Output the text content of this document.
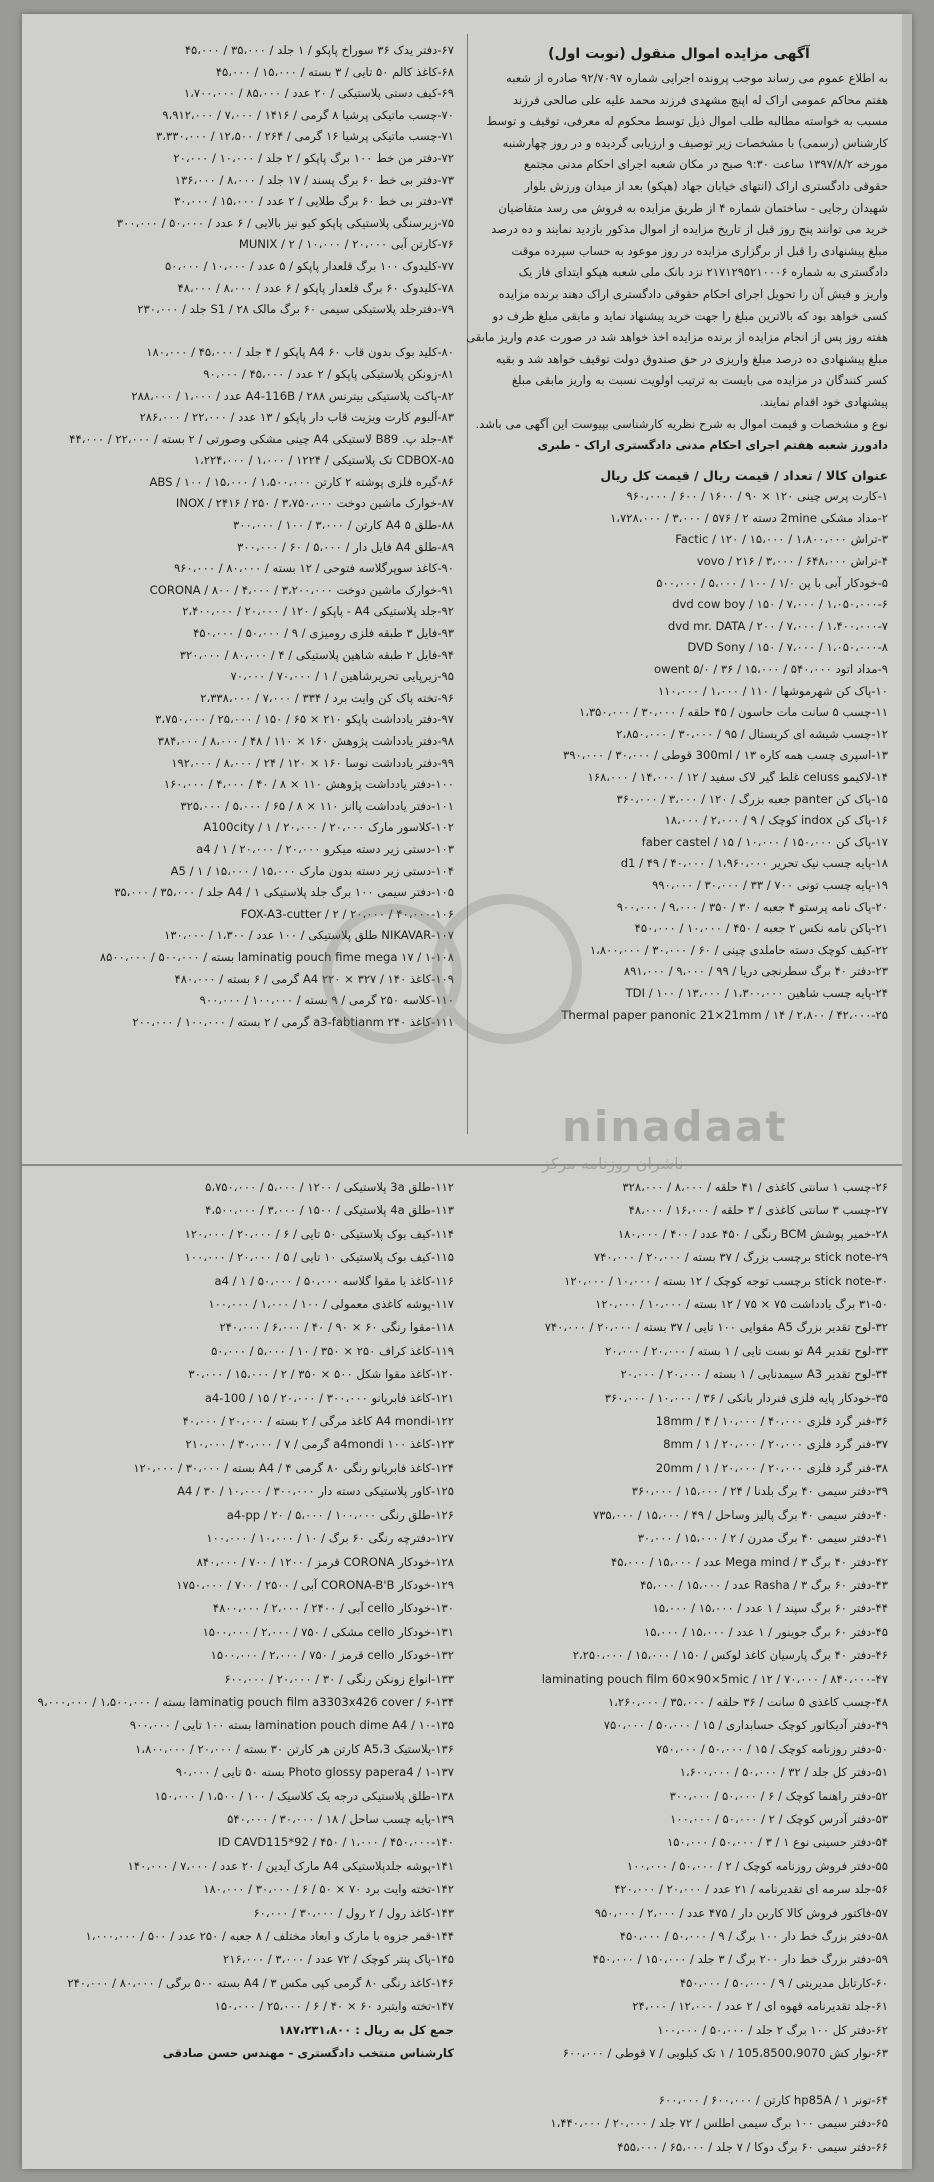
آگهی مزایده اموال منقول (نوبت اول)
به اطلاع عموم می رساند موجب پرونده اجرایی شماره ۹۲/۷۰۹۷ صادره از شعبه
هفتم محاکم عمومی اراک له اپنچ مشهدی فرزند محمد علیه علی صالحی فرزند
مسبب به خواسته مطالبه طلب اموال ذیل توسط محکوم له معرفی، توقیف و توسط
کارشناس (رسمی) با مشخصات زیر توصیف و ارزیابی گردیده و در روز چهارشنبه
مورخه ۱۳۹۷/۸/۲ ساعت ۹:۳۰ صبح در مکان شعبه اجرای احکام مدنی مجتمع
حقوقی دادگستری اراک (انتهای خیابان جهاد (هپکو) بعد از میدان ورزش بلوار
شهیدان رجایی - ساختمان شماره ۴ از طریق مزایده به فروش می رسد متقاضیان
خرید می توانند پنج روز قبل از تاریخ مزایده از اموال مذکور بازدید نمایند و ده درصد
مبلغ پیشنهادی را قبل از برگزاری مزایده در روز موعود به حساب سپرده موقت
دادگستری به شماره ۲۱۷۱۲۹۵۲۱۰۰۰۶ نزد بانک ملی شعبه هپکو ایتدای فاز یک
واریز و فیش آن را تحویل اجرای احکام حقوقی دادگستری اراک دهند برنده مزایده
کسی خواهد بود که بالاترین مبلغ را جهت خرید پیشنهاد نماید و مابقی مبلغ ظرف دو
هفته روز پس از انجام مزایده از برنده مزایده اخذ خواهد شد در صورت عدم واریز مابقی
مبلغ پیشنهادی ده درصد مبلغ واریزی در حق صندوق دولت توقیف خواهد شد و بقیه
کسر کنندگان در مزایده می بایست به ترتیب اولویت نسبت به واریز مابقی مبلغ
پیشنهادی خود اقدام نمایند.
نوع و مشخصات و قیمت اموال به شرح نظریه کارشناسی بپیوست این آگهی می باشد.
دادورز شعبه هفتم اجرای احکام مدنی دادگستری اراک - طبری
عنوان کالا / تعداد / قیمت ریال / قیمت کل ریال
۱-کارت پرس چینی ۱۲۰ × ۹۰ / ۱۶۰۰ / ۶۰۰ / ۹۶۰،۰۰۰
۲-مداد مشکی 2mine دسته ۲ / ۵۷۶ / ۳،۰۰۰ / ۱،۷۲۸،۰۰۰
۳-تراش Factic / ۱۲۰ / ۱۵،۰۰۰ / ۱،۸۰۰،۰۰۰
۴-تراش vovo / ۲۱۶ / ۳،۰۰۰ / ۶۴۸،۰۰۰
۵-خودکار آبی با پن ۱/۰ / ۱۰۰ / ۵،۰۰۰ / ۵۰۰،۰۰۰
۶-dvd cow boy / ۱۵۰ / ۷،۰۰۰ / ۱،۰۵۰،۰۰۰
۷-dvd mr. DATA / ۲۰۰ / ۷،۰۰۰ / ۱،۴۰۰،۰۰۰
۸-DVD Sony / ۱۵۰ / ۷،۰۰۰ / ۱،۰۵۰،۰۰۰
۹-مداد اتود owent ۵/۰ / ۳۶ / ۱۵،۰۰۰ / ۵۴۰،۰۰۰
۱۰-پاک کن شهرموشها / ۱۱۰ / ۱،۰۰۰ / ۱۱۰،۰۰۰
۱۱-چسب ۵ سانت مات حاسون / ۴۵ حلقه / ۳۰،۰۰۰ / ۱،۳۵۰،۰۰۰
۱۲-چسب شیشه ای کریستال / ۹۵ / ۳۰،۰۰۰ / ۲،۸۵۰،۰۰۰
۱۳-اسپری چسب همه کاره 300ml / ۱۳ قوطی / ۳۰،۰۰۰ / ۳۹۰،۰۰۰
۱۴-لاکیمو celuss غلط گیر لاک سفید / ۱۲ / ۱۴،۰۰۰ / ۱۶۸،۰۰۰
۱۵-پاک کن panter جعبه بزرگ / ۱۲۰ / ۳،۰۰۰ / ۳۶۰،۰۰۰
۱۶-پاک کن indox کوچک / ۹ / ۲،۰۰۰ / ۱۸،۰۰۰
۱۷-پاک کن faber castel / ۱۵ / ۱۰،۰۰۰ / ۱۵۰،۰۰۰
۱۸-پایه چسب نیک تحریر d1 / ۴۹ / ۴۰،۰۰۰ / ۱،۹۶۰،۰۰۰
۱۹-پایه چسب تونی ۷۰۰ / ۳۳ / ۳۰،۰۰۰ / ۹۹۰،۰۰۰
۲۰-پاک نامه پرستو ۴ جعبه / ۳۰ / ۳۵۰ / ۹،۰۰۰ / ۹۰۰،۰۰۰
۲۱-پاکن نامه نکس ۲ جعبه / ۴۵۰ / ۱۰،۰۰۰ / ۴۵۰،۰۰۰
۲۲-کیف کوچک دسته حاملدی چینی / ۶۰ / ۳۰،۰۰۰ / ۱،۸۰۰،۰۰۰
۲۳-دفتر ۴۰ برگ سطرنجی دریا / ۹۹ / ۹،۰۰۰ / ۸۹۱،۰۰۰
۲۴-پایه چسب شاهین TDI / ۱۰۰ / ۱۳،۰۰۰ / ۱،۳۰۰،۰۰۰
۲۵-Thermal paper panonic 21×21mm / ۱۴ / ۲،۸۰۰ / ۴۲،۰۰۰
۶۷-دفتر یدک ۳۶ سوراخ پاپکو / ۱ جلد / ۳۵،۰۰۰ / ۴۵،۰۰۰
۶۸-کاغذ کالم ۵۰ تایی / ۳ بسته / ۱۵،۰۰۰ / ۴۵،۰۰۰
۶۹-کیف دستی پلاستیکی / ۲۰ عدد / ۸۵،۰۰۰ / ۱،۷۰۰،۰۰۰
۷۰-چسب ماتیکی پرشیا ۸ گرمی / ۱۴۱۶ / ۷،۰۰۰ / ۹،۹۱۲،۰۰۰
۷۱-چسب ماتیکی پرشیا ۱۶ گرمی / ۲۶۴ / ۱۲،۵۰۰ / ۳،۳۳۰،۰۰۰
۷۲-دفتر من خط ۱۰۰ برگ پاپکو / ۲ جلد / ۱۰،۰۰۰ / ۲۰،۰۰۰
۷۳-دفتر بی خط ۶۰ برگ پسند / ۱۷ جلد / ۸،۰۰۰ / ۱۳۶،۰۰۰
۷۴-دفتر بی خط ۶۰ برگ طلایی / ۲ عدد / ۱۵،۰۰۰ / ۳۰،۰۰۰
۷۵-زیرسنگی پلاستیکی پاپکو کیو نیز بالایی / ۶ عدد / ۵۰،۰۰۰ / ۳۰۰،۰۰۰
۷۶-کارتن آبی MUNIX / ۲ / ۱۰،۰۰۰ / ۲۰،۰۰۰
۷۷-کلیدوک ۱۰۰ برگ قلعدار پاپکو / ۵ عدد / ۱۰،۰۰۰ / ۵۰،۰۰۰
۷۸-کلیدوک ۶۰ برگ قلعدار پاپکو / ۶ عدد / ۸،۰۰۰ / ۴۸،۰۰۰
۷۹-دفترجلد پلاستیکی سیمی ۶۰ برگ مالک S1 / ۲۸ جلد / ۲۳۰،۰۰۰

۸۰-کلید بوک بدون قاب A4 ۶۰ پاپکو / ۴ جلد / ۴۵،۰۰۰ / ۱۸۰،۰۰۰
۸۱-زونکن پلاستیکی پاپکو / ۲ عدد / ۴۵،۰۰۰ / ۹۰،۰۰۰
۸۲-پاکت پلاستیکی بیترنس A4-116B / ۲۸۸ عدد / ۱،۰۰۰ / ۲۸۸،۰۰۰
۸۳-آلبوم کارت ویزیت قاب دار پاپکو / ۱۳ عدد / ۲۲،۰۰۰ / ۲۸۶،۰۰۰
۸۴-جلد پ. B89 لاستیکی A4 چینی مشکی وصورتی / ۲ بسته / ۲۲،۰۰۰ / ۴۴،۰۰۰
۸۵-CDBOX تک پلاستیکی / ۱۲۲۴ / ۱،۰۰۰ / ۱،۲۲۴،۰۰۰
۸۶-گیره فلزی پوشته ۲ کارتن ABS / ۱۰۰ / ۱۵،۰۰۰ / ۱،۵۰۰،۰۰۰
۸۷-خوارک ماشین دوخت INOX / ۲۴۱۶ / ۲۵۰ / ۳،۷۵۰،۰۰۰
۸۸-طلق A4 ۵ کارتن / ۳،۰۰۰ / ۱۰۰ / ۳۰۰،۰۰۰
۸۹-طلق A4 فایل دار / ۵،۰۰۰ / ۶۰ / ۳۰۰،۰۰۰
۹۰-کاغذ سوپرگلاسه فتوحی / ۱۲ بسته / ۸۰،۰۰۰ / ۹۶۰،۰۰۰
۹۱-خوارک ماشین دوخت CORONA / ۸۰۰ / ۴،۰۰۰ / ۳،۲۰۰،۰۰۰
۹۲-جلد پلاستیکی A4 - پاپکو / ۱۲۰ / ۲۰،۰۰۰ / ۲،۴۰۰،۰۰۰
۹۳-فایل ۳ طبقه فلزی رومیزی / ۹ / ۵۰،۰۰۰ / ۴۵۰،۰۰۰
۹۴-فایل ۲ طبقه شاهین پلاستیکی / ۴ / ۸۰،۰۰۰ / ۳۲۰،۰۰۰
۹۵-زیرپایی تحریرشاهین / ۱ / ۷۰،۰۰۰ / ۷۰،۰۰۰
۹۶-تخته پاک کن وایت برد / ۳۳۴ / ۷،۰۰۰ / ۲،۳۳۸،۰۰۰
۹۷-دفتر یادداشت پاپکو ۲۱۰ × ۶۵ / ۱۵۰ / ۲۵،۰۰۰ / ۳،۷۵۰،۰۰۰
۹۸-دفتر یادداشت پژوهش ۱۶۰ × ۱۱۰ / ۴۸ / ۸،۰۰۰ / ۳۸۴،۰۰۰
۹۹-دفتر یادداشت نوسا ۱۶۰ × ۱۲۰ / ۲۴ / ۸،۰۰۰ / ۱۹۲،۰۰۰
۱۰۰-دفتر یادداشت پژوهش ۱۱۰ × ۸ / ۴۰ / ۴،۰۰۰ / ۱۶۰،۰۰۰
۱۰۱-دفتر یادداشت پاانز ۱۱۰ × ۸ / ۶۵ / ۵،۰۰۰ / ۳۲۵،۰۰۰
۱۰۲-کلاسور مارک A100city / ۱ / ۲۰،۰۰۰ / ۲۰،۰۰۰
۱۰۳-دستی زیر دسته میکرو a4 / ۱ / ۲۰،۰۰۰ / ۲۰،۰۰۰
۱۰۴-دستی زیر دسته بدون مارک A5 / ۱ / ۱۵،۰۰۰ / ۱۵،۰۰۰
۱۰۵-دفتر سیمی ۱۰۰ برگ جلد پلاستیکی A4 / ۱ جلد / ۳۵،۰۰۰ / ۳۵،۰۰۰
۱۰۶-FOX-A3-cutter / ۲ / ۲۰،۰۰۰ / ۴۰،۰۰۰
۱۰۷-NIKAVAR طلق پلاستیکی / ۱۰۰ عدد / ۱،۳۰۰ / ۱۳۰،۰۰۰
۱۰۸-laminatig pouch fime mega ۱۷ / ۱ بسته / ۵۰۰،۰۰۰ / ۸۵۰۰،۰۰۰
۱۰۹-کاغذ A4 ۲۲۰ × ۳۲۷ / ۱۴۰ گرمی / ۶ بسته / ۴۸۰،۰۰۰
۱۱۰-کلاسه ۲۵۰ گرمی / ۹ بسته / ۱۰۰،۰۰۰ / ۹۰۰،۰۰۰
۱۱۱-کاغذ a3-fabtianm ۲۴۰ گرمی / ۲ بسته / ۱۰۰،۰۰۰ / ۲۰۰،۰۰۰
۲۶-چسب ۱ سانتی کاغذی / ۴۱ حلقه / ۸،۰۰۰ / ۳۲۸،۰۰۰
۲۷-چسب ۳ سانتی کاغذی / ۳ حلقه / ۱۶،۰۰۰ / ۴۸،۰۰۰
۲۸-خمیر پوشش BCM رنگی / ۴۵۰ عدد / ۴۰۰ / ۱۸۰،۰۰۰
۲۹-stick note برچسب بزرگ / ۳۷ بسته / ۲۰،۰۰۰ / ۷۴۰،۰۰۰
۳۰-stick note برچسب توجه کوچک / ۱۲ بسته / ۱۰،۰۰۰ / ۱۲۰،۰۰۰
۳۱-۵۰ برگ یادداشت ۷۵ × ۷۵ / ۱۲ بسته / ۱۰،۰۰۰ / ۱۲۰،۰۰۰
۳۲-لوح تقدیر بزرگ A5 مقوایی ۱۰۰ تایی / ۳۷ بسته / ۲۰،۰۰۰ / ۷۴۰،۰۰۰
۳۳-لوح تقدیر A4 تو بست تایی / ۱ بسته / ۲۰،۰۰۰ / ۲۰،۰۰۰
۳۴-لوح تقدیر A3 سیمدنایی / ۱ بسته / ۲۰،۰۰۰ / ۲۰،۰۰۰
۳۵-خودکار پایه فلزی فنردار بانکی / ۳۶ / ۱۰،۰۰۰ / ۳۶۰،۰۰۰
۳۶-فنر گرد فلزی 18mm / ۴ / ۱۰،۰۰۰ / ۴۰،۰۰۰
۳۷-فنر گرد فلزی 8mm / ۱ / ۲۰،۰۰۰ / ۲۰،۰۰۰
۳۸-فنر گرد فلزی 20mm / ۱ / ۲۰،۰۰۰ / ۲۰،۰۰۰
۳۹-دفتر سیمی ۴۰ برگ بلدنا / ۲۴ / ۱۵،۰۰۰ / ۳۶۰،۰۰۰
۴۰-دفتر سیمی ۴۰ برگ پالیز وساحل / ۴۹ / ۱۵،۰۰۰ / ۷۳۵،۰۰۰
۴۱-دفتر سیمی ۴۰ برگ مدرن / ۲ / ۱۵،۰۰۰ / ۳۰،۰۰۰
۴۲-دفتر ۴۰ برگ Mega mind / ۳ عدد / ۱۵،۰۰۰ / ۴۵،۰۰۰
۴۳-دفتر ۶۰ برگ Rasha / ۳ عدد / ۱۵،۰۰۰ / ۴۵،۰۰۰
۴۴-دفتر ۶۰ برگ سپند / ۱ عدد / ۱۵،۰۰۰ / ۱۵،۰۰۰
۴۵-دفتر ۶۰ برگ جوینور / ۱ عدد / ۱۵،۰۰۰ / ۱۵،۰۰۰
۴۶-دفتر ۴۰ برگ پارسیان کاغذ لوکس / ۱۵۰ / ۱۵،۰۰۰ / ۲،۲۵۰،۰۰۰
۴۷-laminating pouch film 60×90×5mic / ۱۲ / ۷۰،۰۰۰ / ۸۴۰،۰۰۰
۴۸-چسب کاغذی ۵ سانت / ۳۶ حلقه / ۳۵،۰۰۰ / ۱،۲۶۰،۰۰۰
۴۹-دفتر آدیکاتور کوچک حسابداری / ۱۵ / ۵۰،۰۰۰ / ۷۵۰،۰۰۰
۵۰-دفتر روزنامه کوچک / ۱۵ / ۵۰،۰۰۰ / ۷۵۰،۰۰۰
۵۱-دفتر کل جلد / ۳۲ / ۵۰،۰۰۰ / ۱،۶۰۰،۰۰۰
۵۲-دفتر راهنما کوچک / ۶ / ۵۰،۰۰۰ / ۳۰۰،۰۰۰
۵۳-دفتر آدرس کوچک / ۲ / ۵۰،۰۰۰ / ۱۰۰،۰۰۰
۵۴-دفتر حسینی نوع ۱ / ۳ / ۵۰،۰۰۰ / ۱۵۰،۰۰۰
۵۵-دفتر فروش روزنامه کوچک / ۲ / ۵۰،۰۰۰ / ۱۰۰،۰۰۰
۵۶-جلد سرمه ای تقدیرنامه / ۲۱ عدد / ۲۰،۰۰۰ / ۴۲۰،۰۰۰
۵۷-فاکتور فروش کالا کاربن دار / ۴۷۵ عدد / ۲،۰۰۰ / ۹۵۰،۰۰۰
۵۸-دفتر بزرگ خط دار ۱۰۰ برگ / ۹ / ۵۰،۰۰۰ / ۴۵۰،۰۰۰
۵۹-دفتر بزرگ خط دار ۲۰۰ برگ / ۳ جلد / ۱۵۰،۰۰۰ / ۴۵۰،۰۰۰
۶۰-کارتابل مدیریتی / ۹ / ۵۰،۰۰۰ / ۴۵۰،۰۰۰
۶۱-جلد تقدیرنامه قهوه ای / ۲ عدد / ۱۲،۰۰۰ / ۲۴،۰۰۰
۶۲-دفتر کل ۱۰۰ برگ ۲ جلد / ۵۰،۰۰۰ / ۱۰۰،۰۰۰
۶۳-نوار کش 105،8500،9070 / ۱ تک کیلویی / ۷ قوطی / ۶۰۰،۰۰۰

۶۴-تونر hp85A / ۱ کارتن / ۶۰۰،۰۰۰ / ۶۰۰،۰۰۰
۶۵-دفتر سیمی ۱۰۰ برگ سیمی اطلس / ۷۲ جلد / ۲۰،۰۰۰ / ۱،۴۴۰،۰۰۰
۶۶-دفتر سیمی ۶۰ برگ دوکا / ۷ جلد / ۶۵،۰۰۰ / ۴۵۵،۰۰۰
۱۱۲-طلق 3a پلاستیکی / ۱۲۰۰ / ۵،۰۰۰ / ۵،۷۵۰،۰۰۰
۱۱۳-طلق 4a پلاستیکی / ۱۵۰۰ / ۳،۰۰۰ / ۴،۵۰۰،۰۰۰
۱۱۴-کیف بوک پلاستیکی ۵۰ تایی / ۶ / ۲۰،۰۰۰ / ۱۲۰،۰۰۰
۱۱۵-کیف بوک پلاستیکی ۱۰ تایی / ۵ / ۲۰،۰۰۰ / ۱۰۰،۰۰۰
۱۱۶-کاغذ یا مقوا گلاسه a4 / ۱ / ۵۰،۰۰۰ / ۵۰،۰۰۰
۱۱۷-پوشه کاغذی معمولی / ۱۰۰ / ۱،۰۰۰ / ۱۰۰،۰۰۰
۱۱۸-مقوا رنگی ۶۰ × ۹۰ / ۴۰ / ۶،۰۰۰ / ۲۴۰،۰۰۰
۱۱۹-کاغذ کراف ۲۵۰ × ۳۵۰ / ۱۰ / ۵،۰۰۰ / ۵۰،۰۰۰
۱۲۰-کاغذ مقوا شکل ۵۰۰ × ۳۵۰ / ۲ / ۱۵،۰۰۰ / ۳۰،۰۰۰
۱۲۱-کاغذ فابریانو a4-100 / ۱۵ / ۲۰،۰۰۰ / ۳۰۰،۰۰۰
۱۲۲-A4 mondi کاغذ مرگی / ۲ بسته / ۲۰،۰۰۰ / ۴۰،۰۰۰
۱۲۳-کاغذ a4mondi ۱۰۰ گرمی / ۷ / ۳۰،۰۰۰ / ۲۱۰،۰۰۰
۱۲۴-کاغذ فابریانو رنگی ۸۰ گرمی A4 / ۴ بسته / ۳۰،۰۰۰ / ۱۲۰،۰۰۰
۱۲۵-کاور پلاستیکی دسته دار A4 / ۳۰ / ۱۰،۰۰۰ / ۳۰۰،۰۰۰
۱۲۶-طلق رنگی a4-pp / ۲۰ / ۵،۰۰۰ / ۱۰۰،۰۰۰
۱۲۷-دفترچه رنگی ۶۰ برگ / ۱۰ / ۱۰،۰۰۰ / ۱۰۰،۰۰۰
۱۲۸-خودکار CORONA قرمز / ۱۲۰۰ / ۷۰۰ / ۸۴۰،۰۰۰
۱۲۹-خودکار CORONA-B'B آبی / ۲۵۰۰ / ۷۰۰ / ۱۷۵۰،۰۰۰
۱۳۰-خودکار cello آبی / ۲۴۰۰ / ۲،۰۰۰ / ۴۸۰۰،۰۰۰
۱۳۱-خودکار cello مشکی / ۷۵۰ / ۲،۰۰۰ / ۱۵۰۰،۰۰۰
۱۳۲-خودکار cello قرمز / ۷۵۰ / ۲،۰۰۰ / ۱۵۰۰،۰۰۰
۱۳۳-انواع زونکن رنگی / ۳۰ / ۲۰،۰۰۰ / ۶۰۰،۰۰۰
۱۳۴-laminatig pouch film a3303x426 cover / ۶ بسته / ۱،۵۰۰،۰۰۰ / ۹،۰۰۰،۰۰۰
۱۳۵-lamination pouch dime A4 / ۱۰ بسته ۱۰۰ تایی / ۹۰۰،۰۰۰
۱۳۶-پلاستیک A5،3 کارتن هر کارتن ۳۰ بسته / ۲۰،۰۰۰ / ۱،۸۰۰،۰۰۰
۱۳۷-Photo glossy papera4 / ۱ بسته ۵۰ تایی / ۹۰،۰۰۰
۱۳۸-طلق پلاستیکی درجه یک کلاسیک / ۱۰۰ / ۱،۵۰۰ / ۱۵۰،۰۰۰
۱۳۹-پایه چسب ساحل / ۱۸ / ۳۰،۰۰۰ / ۵۴۰،۰۰۰
۱۴۰-ID CAVD115*92 / ۴۵۰ / ۱،۰۰۰ / ۴۵۰،۰۰۰
۱۴۱-پوشه جلدپلاستیکی A4 مارک آیدین / ۲۰ عدد / ۷،۰۰۰ / ۱۴۰،۰۰۰
۱۴۲-تخته وایت برد ۷۰ × ۵۰ / ۶ / ۳۰،۰۰۰ / ۱۸۰،۰۰۰
۱۴۳-کاغذ رول / ۲ رول / ۳۰،۰۰۰ / ۶۰،۰۰۰
۱۴۴-قمر جزوه با مارک و ابعاد مختلف / ۸ جعبه / ۲۵۰ عدد / ۵۰۰ / ۱،۰۰۰،۰۰۰
۱۴۵-پاک پنتر کوچک / ۷۲ عدد / ۳،۰۰۰ / ۲۱۶،۰۰۰
۱۴۶-کاغذ رنگی ۸۰ گرمی کپی مکس A4 / ۳ بسته ۵۰۰ برگی / ۸۰،۰۰۰ / ۲۴۰،۰۰۰
۱۴۷-تخته وایتبرد ۶۰ × ۴۰ / ۶ / ۲۵،۰۰۰ / ۱۵۰،۰۰۰
جمع کل به ریال : ۱۸۷،۲۳۱،۸۰۰
کارشناس منتخب دادگستری - مهندس حسن صادقی
ninadaat
ناشران روزنامه مرکز
